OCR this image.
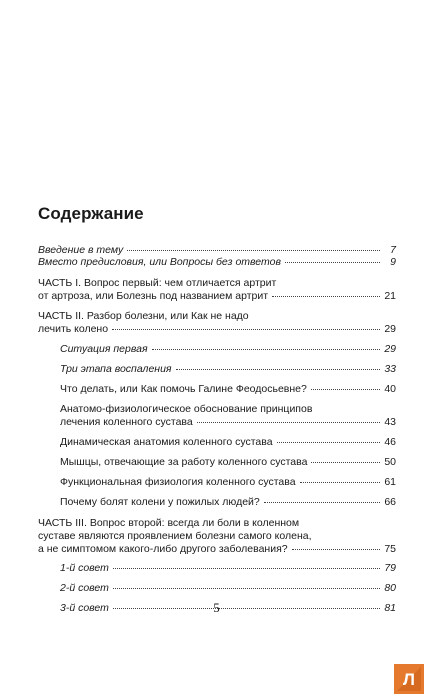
Содержание
Введение в тему	7
Вместо предисловия, или Вопросы без ответов	9
ЧАСТЬ I. Вопрос первый: чем отличается артрит
от артроза, или Болезнь под названием артрит	21
ЧАСТЬ II. Разбор болезни, или Как не надо
лечить колено	29
Ситуация первая	29
Три этапа воспаления	33
Что делать, или Как помочь Галине Феодосьевне?	40
Анатомо-физиологическое обоснование принципов
лечения коленного сустава	43
Динамическая анатомия коленного сустава	46
Мышцы, отвечающие за работу коленного сустава	50
Функциональная физиология коленного сустава	61
Почему болят колени у пожилых людей?	66
ЧАСТЬ III. Вопрос второй: всегда ли боли в коленном
суставе являются проявлением болезни самого колена,
а не симптомом какого-либо другого заболевания?	75
1-й совет	79
2-й совет	80
3-й совет	81
5
Л
